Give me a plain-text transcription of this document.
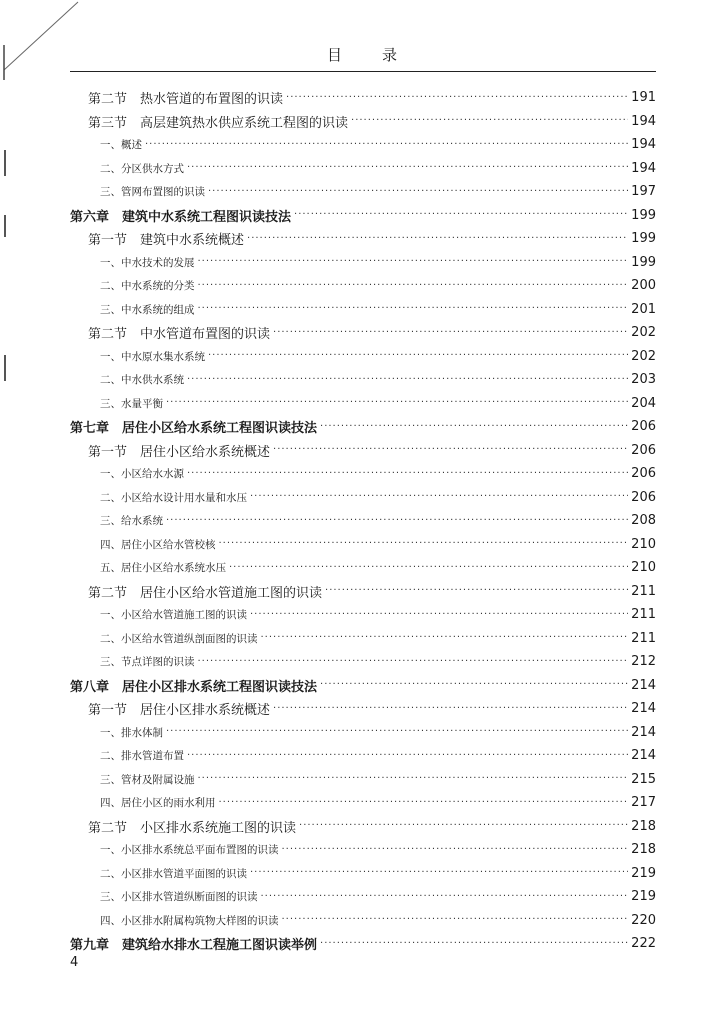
目录
第二节　热水管道的布置图的识读 ·····	191
第三节　高层建筑热水供应系统工程图的识读 ·····	194
一、概述 ·····	194
二、分区供水方式 ·····	194
三、管网布置图的识读 ·····	197
第六章　建筑中水系统工程图识读技法 ·····	199
第一节　建筑中水系统概述 ·····	199
一、中水技术的发展 ·····	199
二、中水系统的分类 ·····	200
三、中水系统的组成 ·····	201
第二节　中水管道布置图的识读 ·····	202
一、中水原水集水系统 ·····	202
二、中水供水系统 ·····	203
三、水量平衡 ·····	204
第七章　居住小区给水系统工程图识读技法 ·····	206
第一节　居住小区给水系统概述 ·····	206
一、小区给水水源 ·····	206
二、小区给水设计用水量和水压 ·····	206
三、给水系统 ·····	208
四、居住小区给水管校核 ·····	210
五、居住小区给水系统水压 ·····	210
第二节　居住小区给水管道施工图的识读 ·····	211
一、小区给水管道施工图的识读 ·····	211
二、小区给水管道纵剖面图的识读 ·····	211
三、节点详图的识读 ·····	212
第八章　居住小区排水系统工程图识读技法 ·····	214
第一节　居住小区排水系统概述 ·····	214
一、排水体制 ·····	214
二、排水管道布置 ·····	214
三、管材及附属设施 ·····	215
四、居住小区的雨水利用 ·····	217
第二节　小区排水系统施工图的识读 ·····	218
一、小区排水系统总平面布置图的识读 ·····	218
二、小区排水管道平面图的识读 ·····	219
三、小区排水管道纵断面图的识读 ·····	219
四、小区排水附属构筑物大样图的识读 ·····	220
第九章　建筑给水排水工程施工图识读举例 ·····	222
4
